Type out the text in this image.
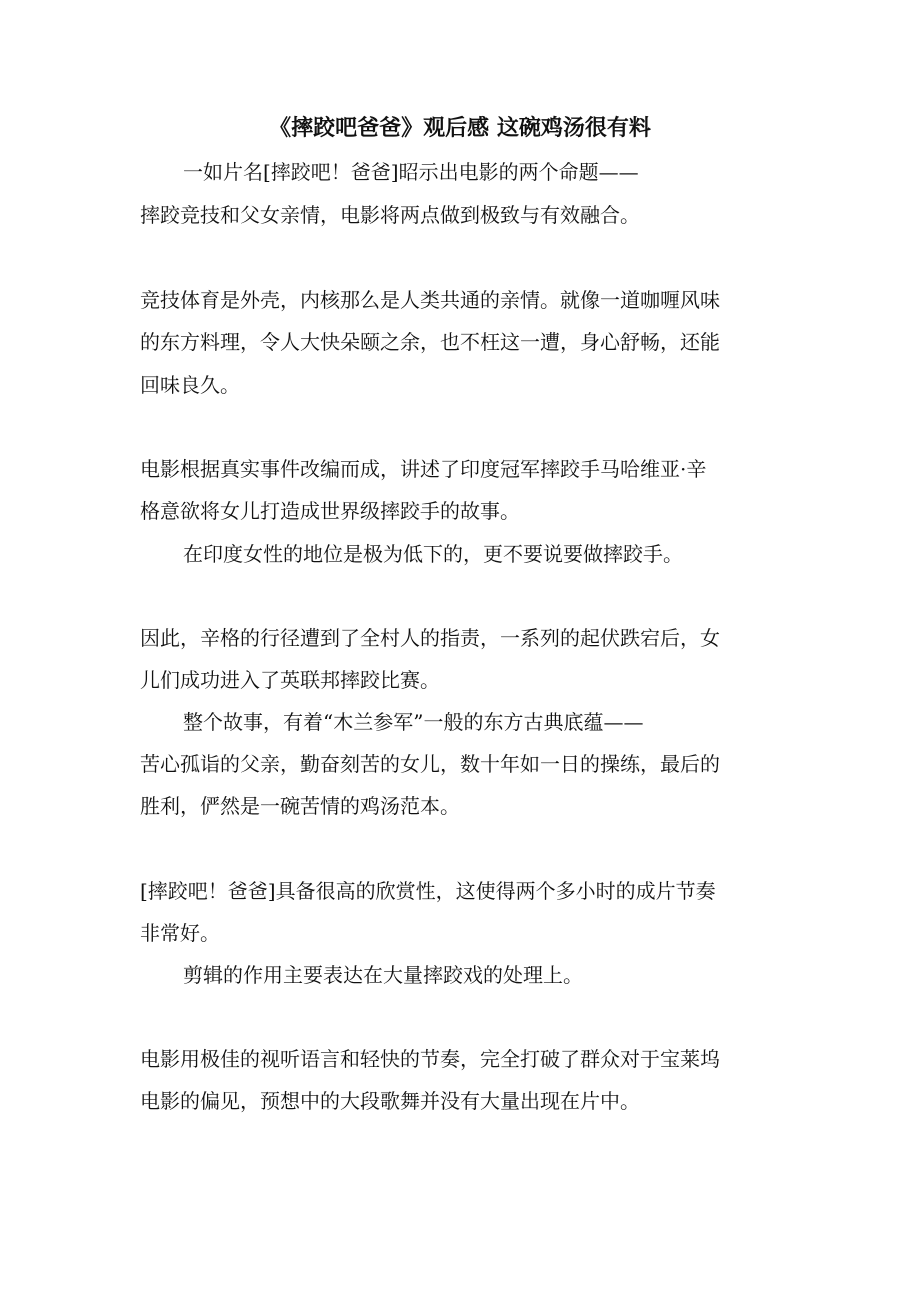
《摔跤吧爸爸》观后感 这碗鸡汤很有料
一如片名[摔跤吧！爸爸]昭示出电影的两个命题——
摔跤竞技和父女亲情，电影将两点做到极致与有效融合。
竞技体育是外壳，内核那么是人类共通的亲情。就像一道咖喱风味
的东方料理，令人大快朵颐之余，也不枉这一遭，身心舒畅，还能
回味良久。
电影根据真实事件改编而成，讲述了印度冠军摔跤手马哈维亚·辛
格意欲将女儿打造成世界级摔跤手的故事。
在印度女性的地位是极为低下的，更不要说要做摔跤手。
因此，辛格的行径遭到了全村人的指责，一系列的起伏跌宕后，女
儿们成功进入了英联邦摔跤比赛。
整个故事，有着“木兰参军”一般的东方古典底蕴——
苦心孤诣的父亲，勤奋刻苦的女儿，数十年如一日的操练，最后的
胜利，俨然是一碗苦情的鸡汤范本。
[摔跤吧！爸爸]具备很高的欣赏性，这使得两个多小时的成片节奏
非常好。
剪辑的作用主要表达在大量摔跤戏的处理上。
电影用极佳的视听语言和轻快的节奏，完全打破了群众对于宝莱坞
电影的偏见，预想中的大段歌舞并没有大量出现在片中。
